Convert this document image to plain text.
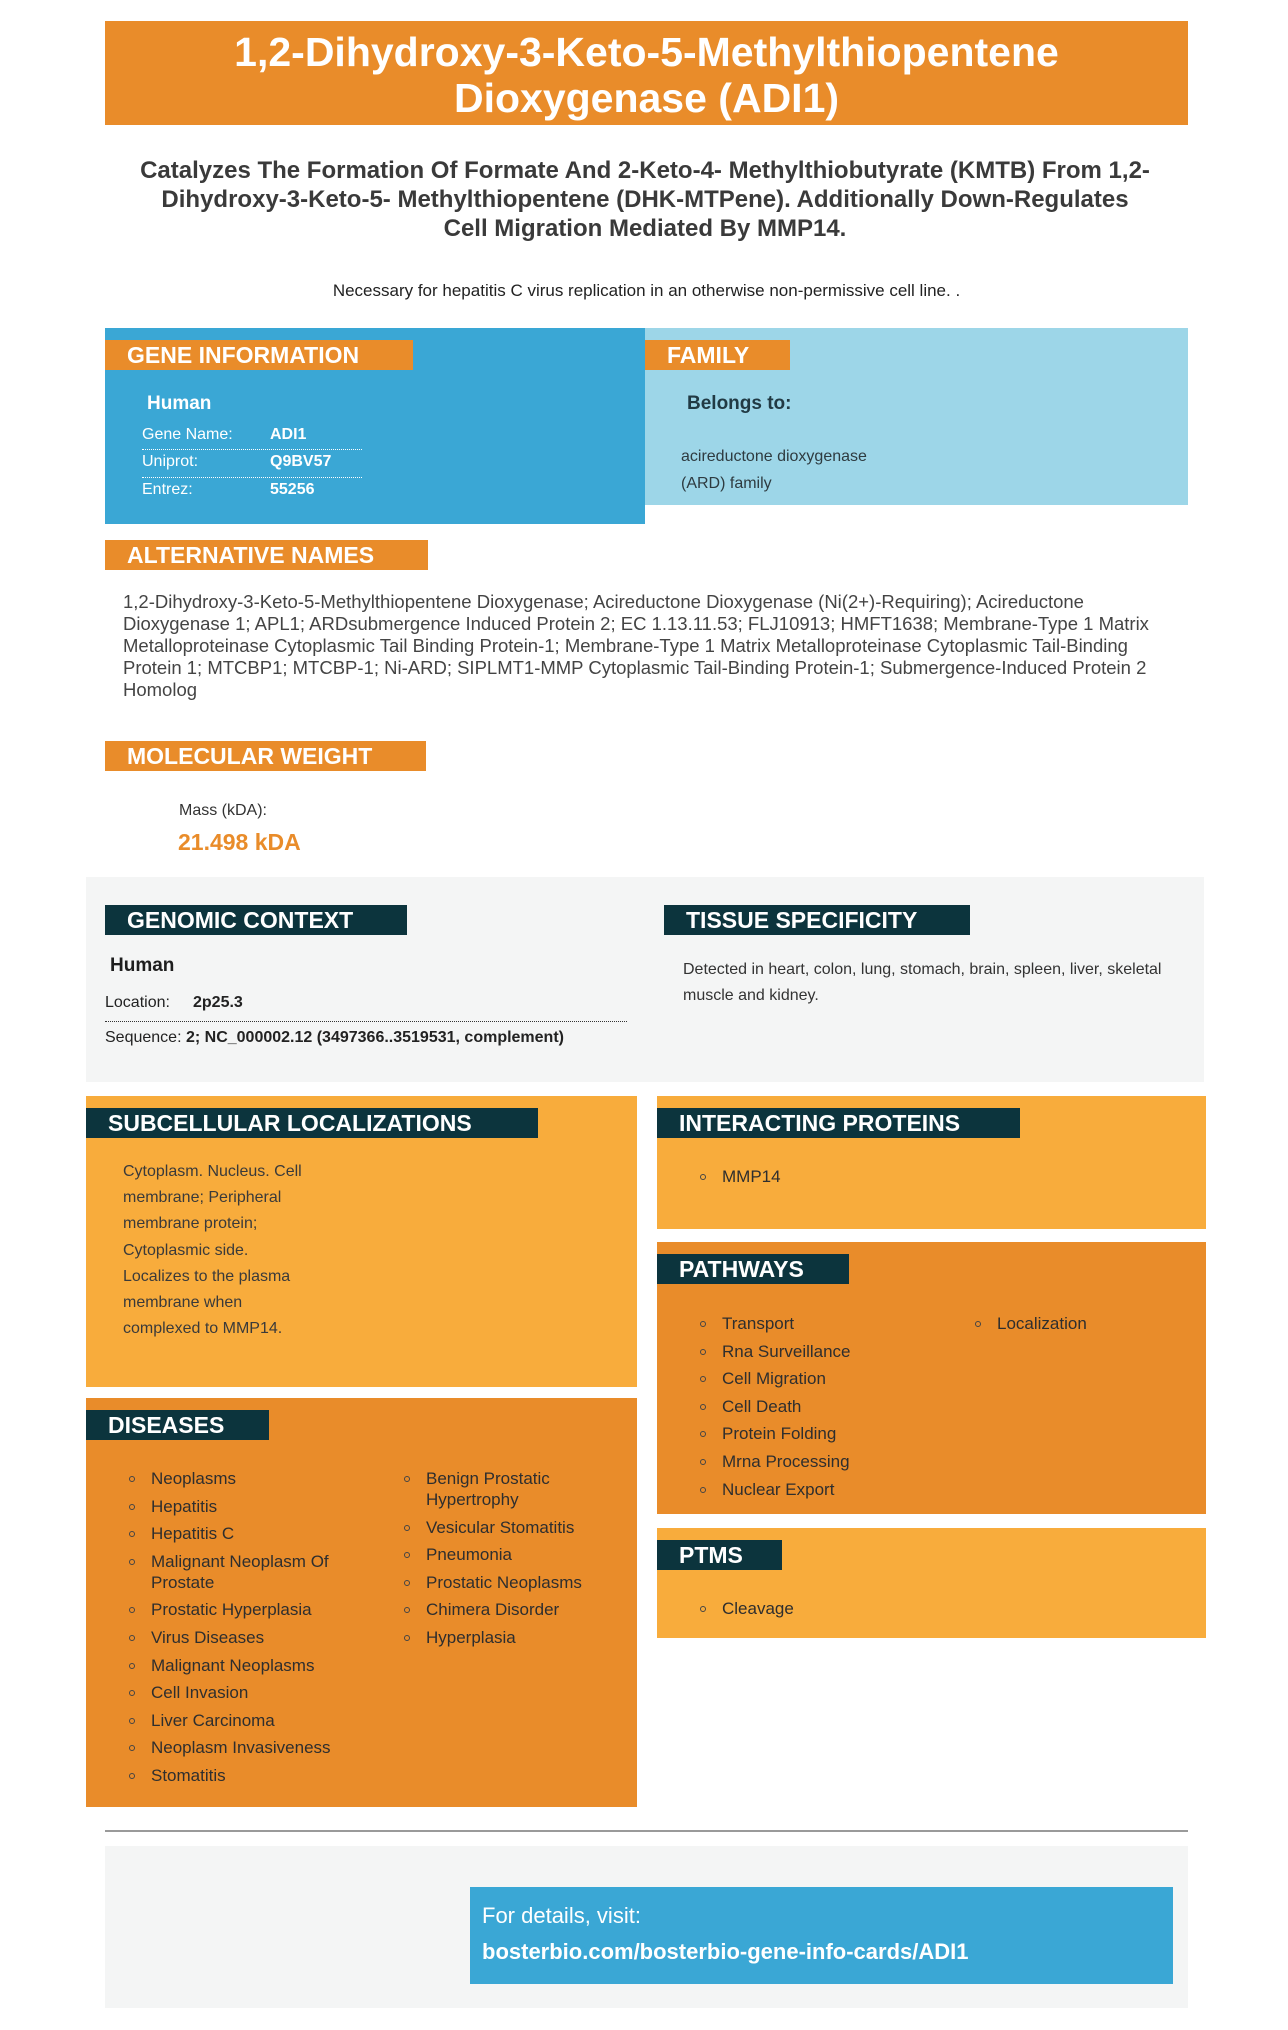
1,2-Dihydroxy-3-Keto-5-Methylthiopentene Dioxygenase (ADI1)
Catalyzes The Formation Of Formate And 2-Keto-4- Methylthiobutyrate (KMTB) From 1,2-Dihydroxy-3-Keto-5- Methylthiopentene (DHK-MTPene). Additionally Down-Regulates Cell Migration Mediated By MMP14.
Necessary for hepatitis C virus replication in an otherwise non-permissive cell line. .
GENE INFORMATION
Human
Gene Name: ADI1
Uniprot:	Q9BV57
Entrez:	55256
FAMILY
Belongs to:
acireductone dioxygenase
(ARD) family
ALTERNATIVE NAMES
1,2-Dihydroxy-3-Keto-5-Methylthiopentene Dioxygenase; Acireductone Dioxygenase (Ni(2+)-Requiring); Acireductone Dioxygenase 1; APL1; ARDsubmergence Induced Protein 2; EC 1.13.11.53; FLJ10913; HMFT1638; Membrane-Type 1 Matrix Metalloproteinase Cytoplasmic Tail Binding Protein-1; Membrane-Type 1 Matrix Metalloproteinase Cytoplasmic Tail-Binding Protein 1; MTCBP1; MTCBP-1; Ni-ARD; SIPLMT1-MMP Cytoplasmic Tail-Binding Protein-1; Submergence-Induced Protein 2 Homolog
MOLECULAR WEIGHT
Mass (kDA):
21.498 kDA
GENOMIC CONTEXT
Human
Location: 2p25.3
Sequence: 2; NC_000002.12 (3497366..3519531, complement)
TISSUE SPECIFICITY
Detected in heart, colon, lung, stomach, brain, spleen, liver, skeletal muscle and kidney.
SUBCELLULAR LOCALIZATIONS
Cytoplasm. Nucleus. Cell
membrane; Peripheral
membrane protein;
Cytoplasmic side.
Localizes to the plasma
membrane when
complexed to MMP14.
INTERACTING PROTEINS
MMP14
PATHWAYS
Transport
Rna Surveillance
Cell Migration
Cell Death
Protein Folding
Mrna Processing
Nuclear Export
Localization
DISEASES
Neoplasms
Hepatitis
Hepatitis C
Malignant Neoplasm Of Prostate
Prostatic Hyperplasia
Virus Diseases
Malignant Neoplasms
Cell Invasion
Liver Carcinoma
Neoplasm Invasiveness
Stomatitis
Benign Prostatic Hypertrophy
Vesicular Stomatitis
Pneumonia
Prostatic Neoplasms
Chimera Disorder
Hyperplasia
PTMS
Cleavage
For details, visit:
bosterbio.com/bosterbio-gene-info-cards/ADI1
